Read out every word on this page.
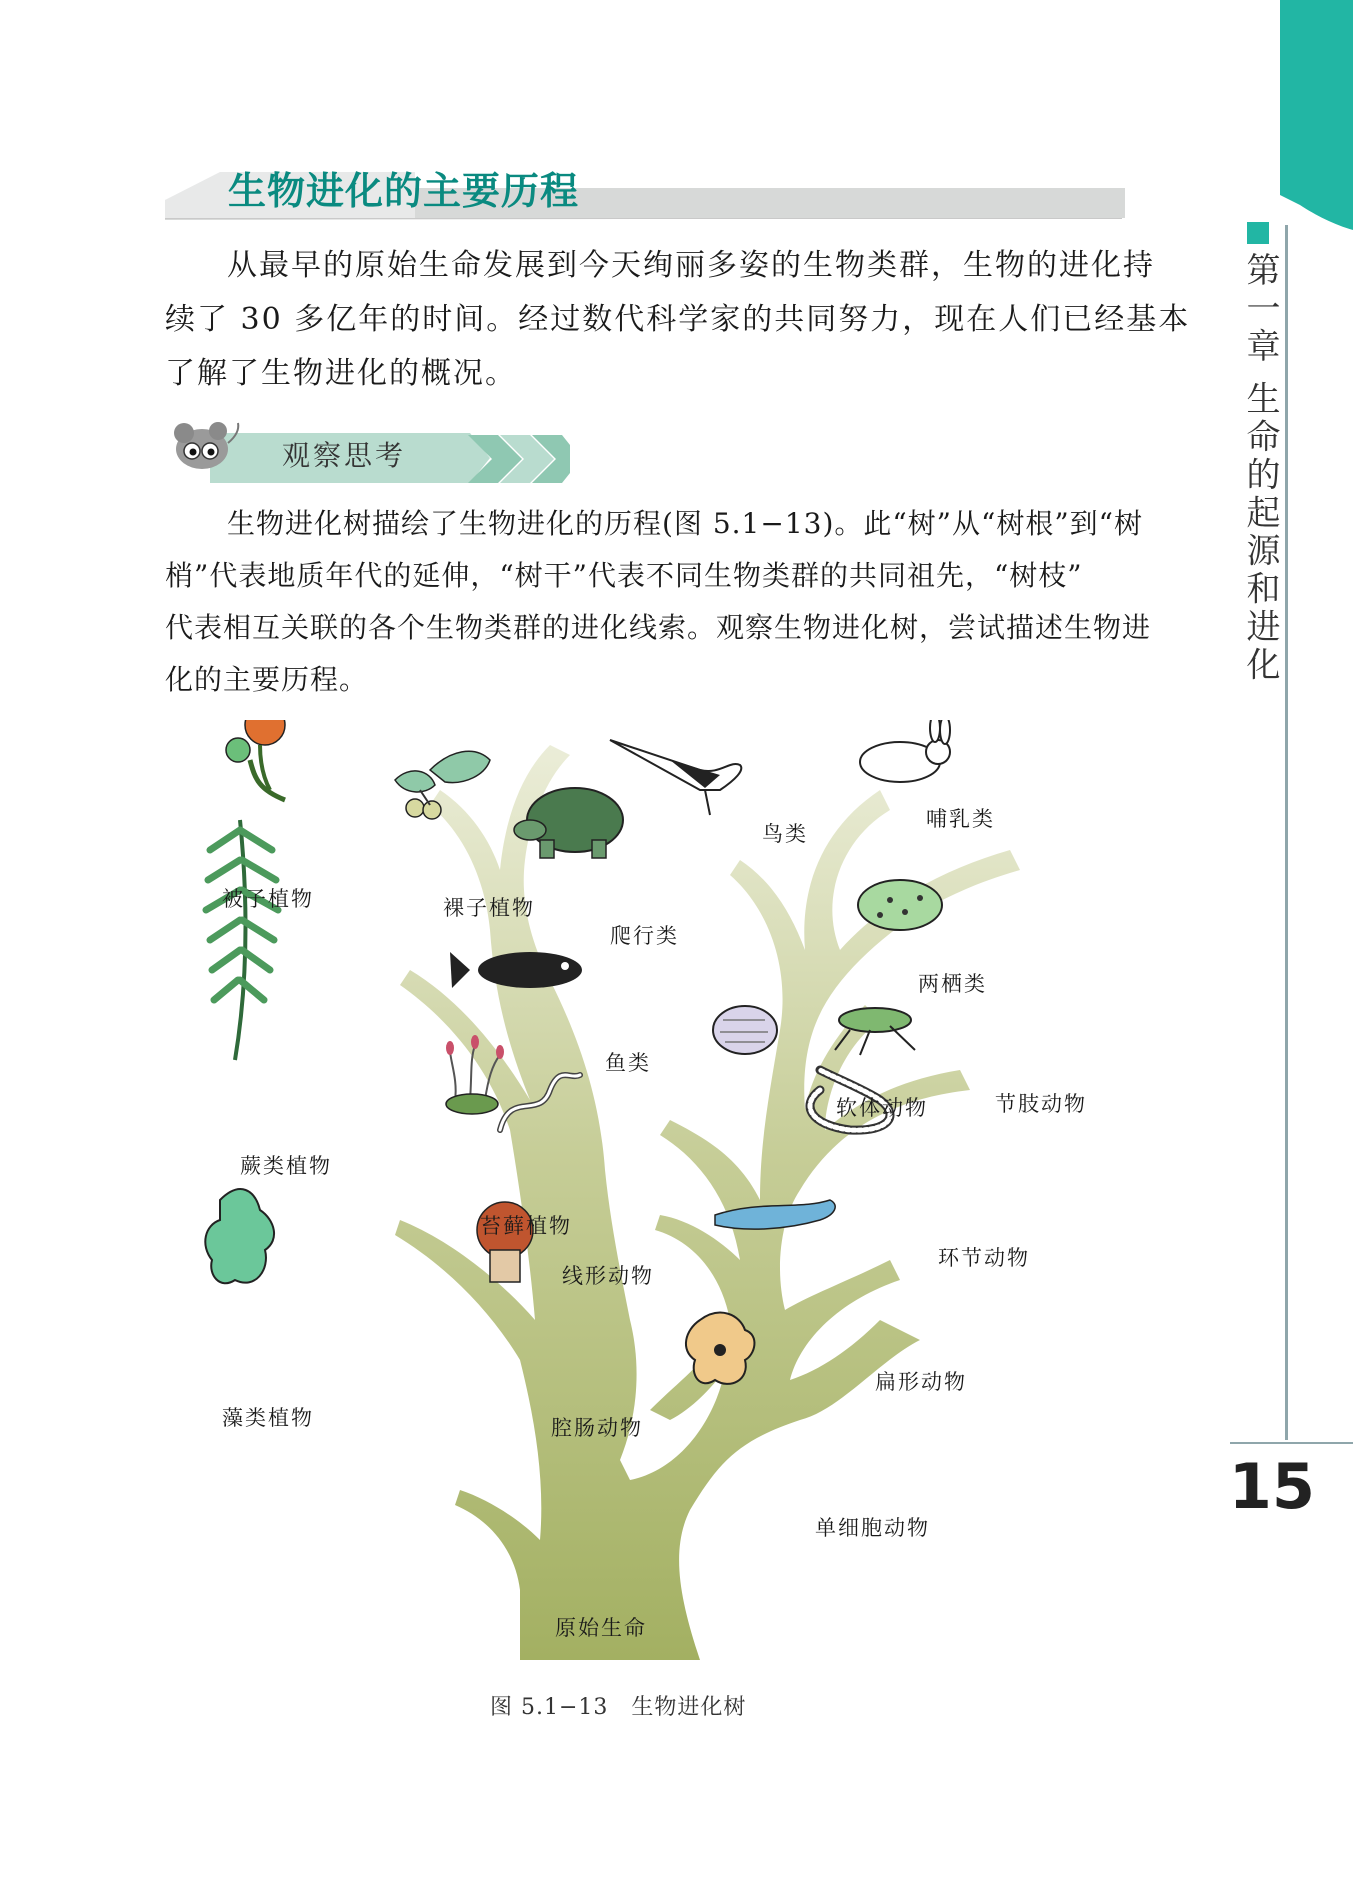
第一章 生命的起源和进化
15
生物进化的主要历程
从最早的原始生命发展到今天绚丽多姿的生物类群，生物的进化持
续了 30 多亿年的时间。经过数代科学家的共同努力，现在人们已经基本
了解了生物进化的概况。
观察思考
生物进化树描绘了生物进化的历程(图 5.1−13)。此“树”从“树根”到“树
梢”代表地质年代的延伸，“树干”代表不同生物类群的共同祖先，“树枝”
代表相互关联的各个生物类群的进化线索。观察生物进化树，尝试描述生物进
化的主要历程。
被子植物	裸子植物
爬行类
鸟类
哺乳类
两栖类
蕨类植物
鱼类
软体动物	节肢动物
苔藓植物
线形动物
环节动物
藻类植物
扁形动物
腔肠动物
单细胞动物
原始生命
图 5.1−13　生物进化树
